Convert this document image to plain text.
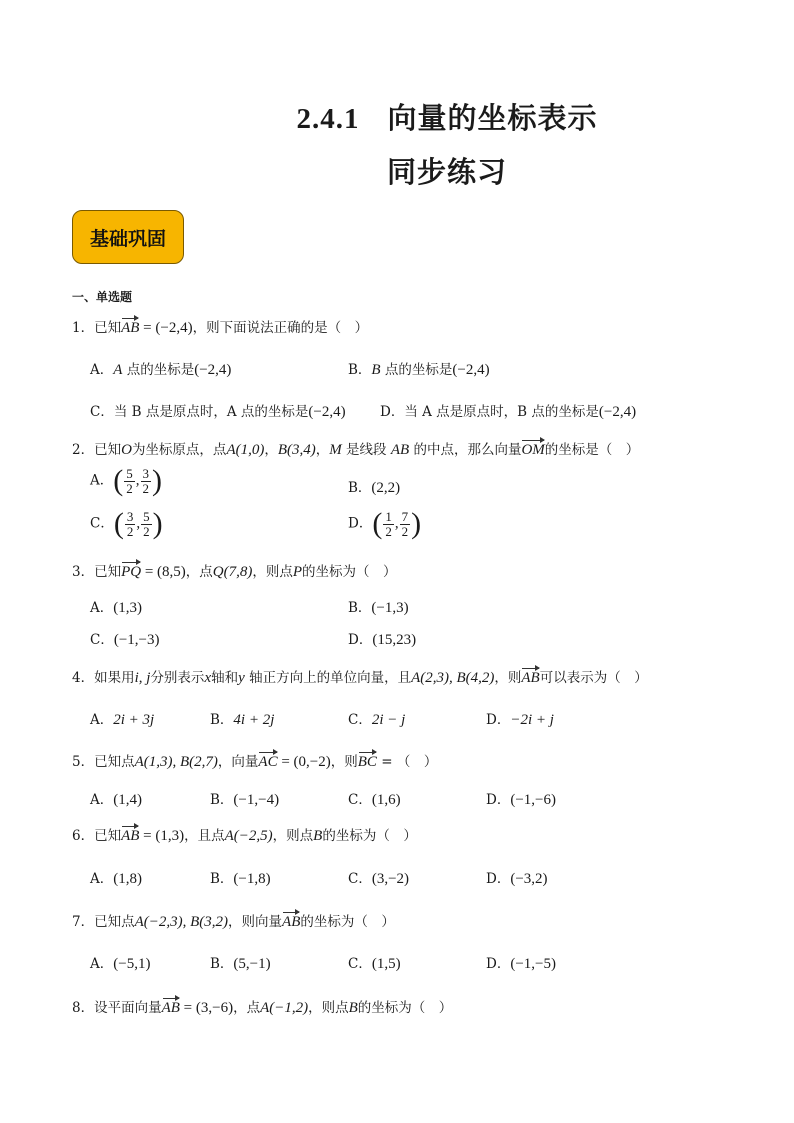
2.4.1 向量的坐标表示
同步练习
基础巩固
一、单选题
1．已知AB = (−2,4)，则下面说法正确的是（　）
A．A 点的坐标是(−2,4)	B．B 点的坐标是(−2,4)
C．当 B 点是原点时，A 点的坐标是(−2,4)	D．当 A 点是原点时，B 点的坐标是(−2,4)
2．已知O为坐标原点，点A(1,0)，B(3,4)，M 是线段 AB 的中点，那么向量OM的坐标是（　）
A．( $\frac{5}{2}$ , $\frac{3}{2}$ )	B．(2,2)
C．( $\frac{3}{2}$ , $\frac{5}{2}$ )	D．( $\frac{1}{2}$ , $\frac{7}{2}$ )
3．已知PQ = (8,5)，点Q(7,8)，则点P的坐标为（　）
A．(1,3)	B．(−1,3)
C．(−1,−3)	D．(15,23)
4．如果用i, j分别表示x轴和y 轴正方向上的单位向量，且A(2,3), B(4,2)，则AB可以表示为（　）
A．2i + 3j	B．4i + 2j	C．2i − j	D．−2i + j
5．已知点A(1,3), B(2,7)，向量AC = (0,−2)，则BC = （　）
A．(1,4)	B．(−1,−4)	C．(1,6)	D．(−1,−6)
6．已知AB = (1,3)，且点A(−2,5)，则点B的坐标为（　）
A．(1,8)	B．(−1,8)	C．(3,−2)	D．(−3,2)
7．已知点A(−2,3), B(3,2)，则向量AB的坐标为（　）
A．(−5,1)	B．(5,−1)	C．(1,5)	D．(−1,−5)
8．设平面向量AB = (3,−6)，点A(−1,2)，则点B的坐标为（　）
